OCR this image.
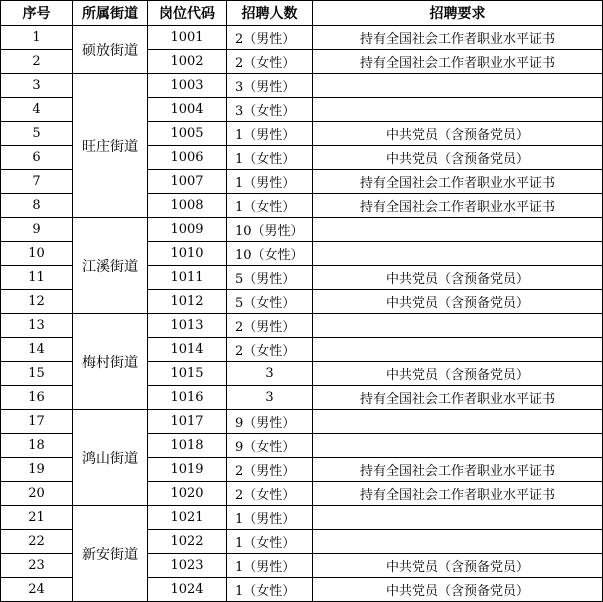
序号	所属街道	岗位代码	招聘人数	招聘要求
1	硕放街道	1001	2（男性）	持有全国社会工作者职业水平证书
2		1002	2（女性）	持有全国社会工作者职业水平证书
3	旺庄街道	1003	3（男性）	
4		1004	3（女性）	
5		1005	1（男性）	中共党员（含预备党员）
6		1006	1（女性）	中共党员（含预备党员）
7		1007	1（男性）	持有全国社会工作者职业水平证书
8		1008	1（女性）	持有全国社会工作者职业水平证书
9	江溪街道	1009	10（男性）	
10		1010	10（女性）	
11		1011	5（男性）	中共党员（含预备党员）
12		1012	5（女性）	中共党员（含预备党员）
13	梅村街道	1013	2（男性）	
14		1014	2（女性）	
15		1015	3	中共党员（含预备党员）
16		1016	3	持有全国社会工作者职业水平证书
17	鸿山街道	1017	9（男性）	
18		1018	9（女性）	
19		1019	2（男性）	持有全国社会工作者职业水平证书
20		1020	2（女性）	持有全国社会工作者职业水平证书
21	新安街道	1021	1（男性）	
22		1022	1（女性）	
23		1023	1（男性）	中共党员（含预备党员）
24		1024	1（女性）	中共党员（含预备党员）
